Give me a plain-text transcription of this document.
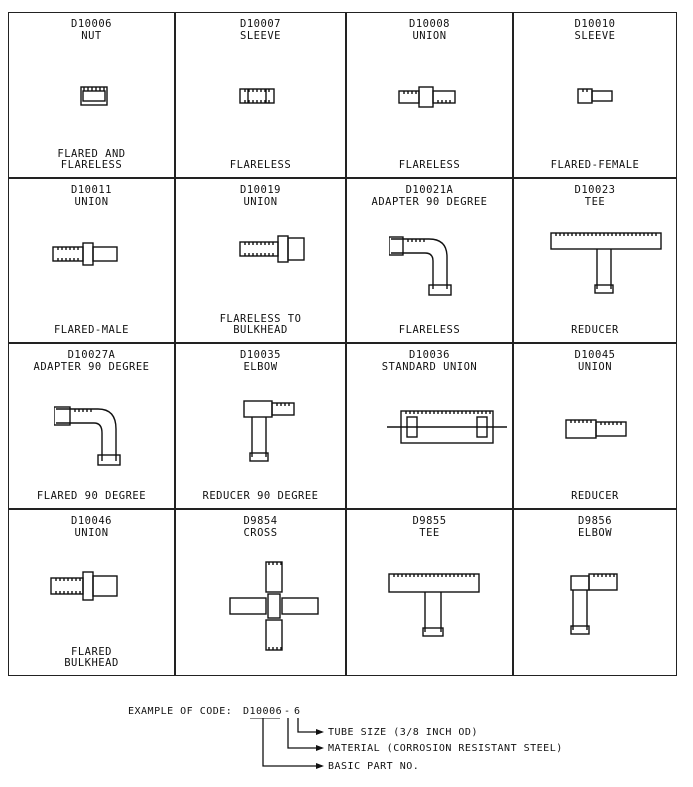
D10006
NUT
FLARED AND
FLARELESS
D10007
SLEEVE
FLARELESS
D10008
UNION
FLARELESS
D10010
SLEEVE
FLARED-FEMALE
D10011
UNION
FLARED-MALE
D10019
UNION
FLARELESS TO
BULKHEAD
D10021A
ADAPTER 90 DEGREE
FLARELESS
D10023
TEE
REDUCER
D10027A
ADAPTER 90 DEGREE
FLARED 90 DEGREE
D10035
ELBOW
REDUCER 90 DEGREE
D10036
STANDARD UNION
D10045
UNION
REDUCER
D10046
UNION
FLARED
BULKHEAD
D9854
CROSS
D9855
TEE
D9856
ELBOW
EXAMPLE OF CODE: D10006 - 6
TUBE SIZE (3/8 INCH OD)
MATERIAL (CORROSION RESISTANT STEEL)
BASIC PART NO.
